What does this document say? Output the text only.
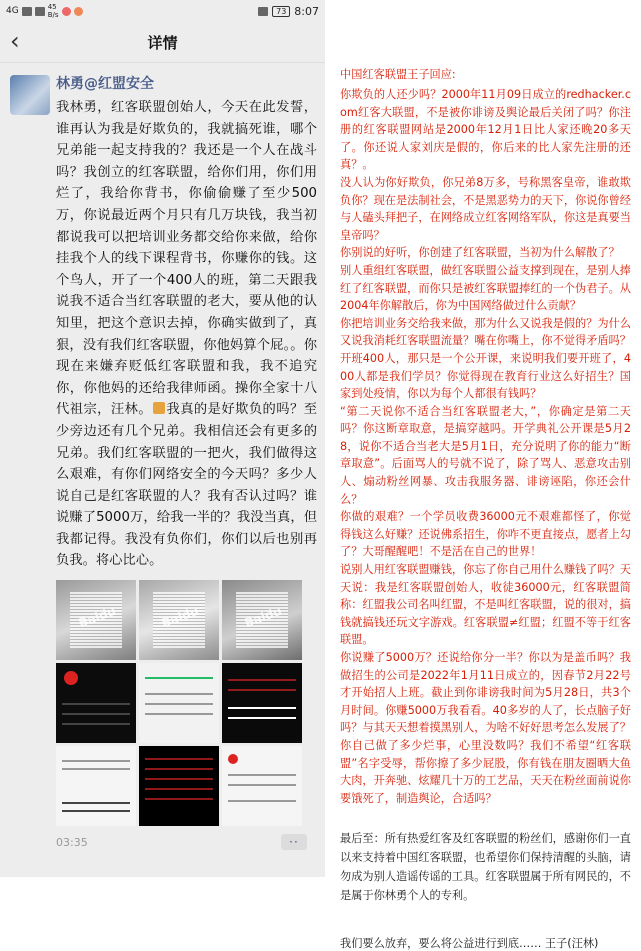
4G	45
B/s	73 8:07
‹	详情
林勇@红盟安全
我林勇，红客联盟创始人，今天在此发誓，谁再认为我是好欺负的，我就搞死谁，哪个兄弟能一起支持我的？我还是一个人在战斗吗？我创立的红客联盟，给你们用，你们用烂了，我给你背书，你偷偷赚了至少500万，你说最近两个月只有几万块钱，我当初都说我可以把培训业务都交给你来做，给你挂我个人的线下课程背书，你赚你的钱。这个鸟人，开了一个400人的班，第二天跟我说我不适合当红客联盟的老大，要从他的认知里，把这个意识去掉，你确实做到了，真狠，没有我们红客联盟，你他妈算个屁。。你现在来嫌弃贬低红客联盟和我，我不追究你，你他妈的还给我律师函。操你全家十八代祖宗，汪林。 我真的是好欺负的吗？至少旁边还有几个兄弟。我相信还会有更多的兄弟。我们红客联盟的一把火，我们做得这么艰难，有你们网络安全的今天吗？多少人说自己是红客联盟的人？我有否认过吗？谁说赚了5000万，给我一半的？我没当真，但我都记得。我没有负你们，你们以后也别再负我。将心比心。
Baidu	Baidu	Baidu
03:35	··
中国红客联盟王子回应:

你欺负的人还少吗？2000年11月09日成立的redhacker.com红客大联盟，不是被你诽谤及舆论最后关闭了吗？你注册的红客联盟网站是2000年12月1日比人家还晚20多天了。你还说人家刘庆是假的，你后来的比人家先注册的还真？。

没人认为你好欺负，你兄弟8万多，号称黑客皇帝，谁敢欺负你？现在是法制社会，不是黑恶势力的天下，你说你曾经与人磕头拜把子，在网络成立红客网络军队，你这是真要当皇帝吗？

你别说的好听，你创建了红客联盟，当初为什么解散了？

别人重组红客联盟，做红客联盟公益支撑到现在，是别人捧红了红客联盟，而你只是被红客联盟捧红的一个伪君子。从2004年你解散后，你为中国网络做过什么贡献？

你把培训业务交给我来做，那为什么又说我是假的？为什么又说我消耗红客联盟流量？嘴在你嘴上，你不觉得矛盾吗？

开班400人，那只是一个公开课，来说明我们要开班了，400人都是我们学员？你觉得现在教育行业这么好招生？国家到处疫情，你以为每个人都很有钱吗？

“第二天说你不适合当红客联盟老大，”，你确定是第二天吗？你这断章取意，是搞穿越吗。开学典礼公开课是5月28，说你不适合当老大是5月1日，充分说明了你的能力“断章取意”。后面骂人的号就不说了，除了骂人、恶意攻击别人、煽动粉丝网暴、攻击我服务器、诽谤诬陷，你还会什么？

你做的艰难？一个学员收费36000元不艰难都怪了，你觉得钱这么好赚？还说佛系招生，你咋不更直接点，愿者上勾了？大哥醒醒吧！不是活在自己的世界！

说别人用红客联盟赚钱，你忘了你自己用什么赚钱了吗？天天说：我是红客联盟创始人，收徒36000元，红客联盟简称：红盟我公司名叫红盟，不是叫红客联盟，说的很对，搞钱就搞钱还玩文字游戏。红客联盟≠红盟；红盟不等于红客联盟。

你说赚了5000万？还说给你分一半？你以为是盖币吗？我做招生的公司是2022年1月11日成立的，因春节2月22号才开始招人上班。截止到你诽谤我时间为5月28日，共3个月时间。你赚5000万我看看。40多岁的人了，长点脑子好吗？与其天天想着摸黑别人，为啥不好好思考怎么发展了？你自己做了多少烂事，心里没数吗？我们不希望“红客联盟”名字受辱，帮你擦了多少屁股，你有钱在朋友圈晒大鱼大肉，开奔驰、炫耀几十万的工艺品，天天在粉丝面前说你要饿死了，制造舆论，合适吗？

最后至：所有热爱红客及红客联盟的粉丝们，感谢你们一直以来支持着中国红客联盟，也希望你们保持清醒的头脑，请勿成为别人造谣传谣的工具。红客联盟属于所有网民的，不是属于你林勇个人的专利。
我们要么放弃，要么将公益进行到底…… 王子(汪林)
